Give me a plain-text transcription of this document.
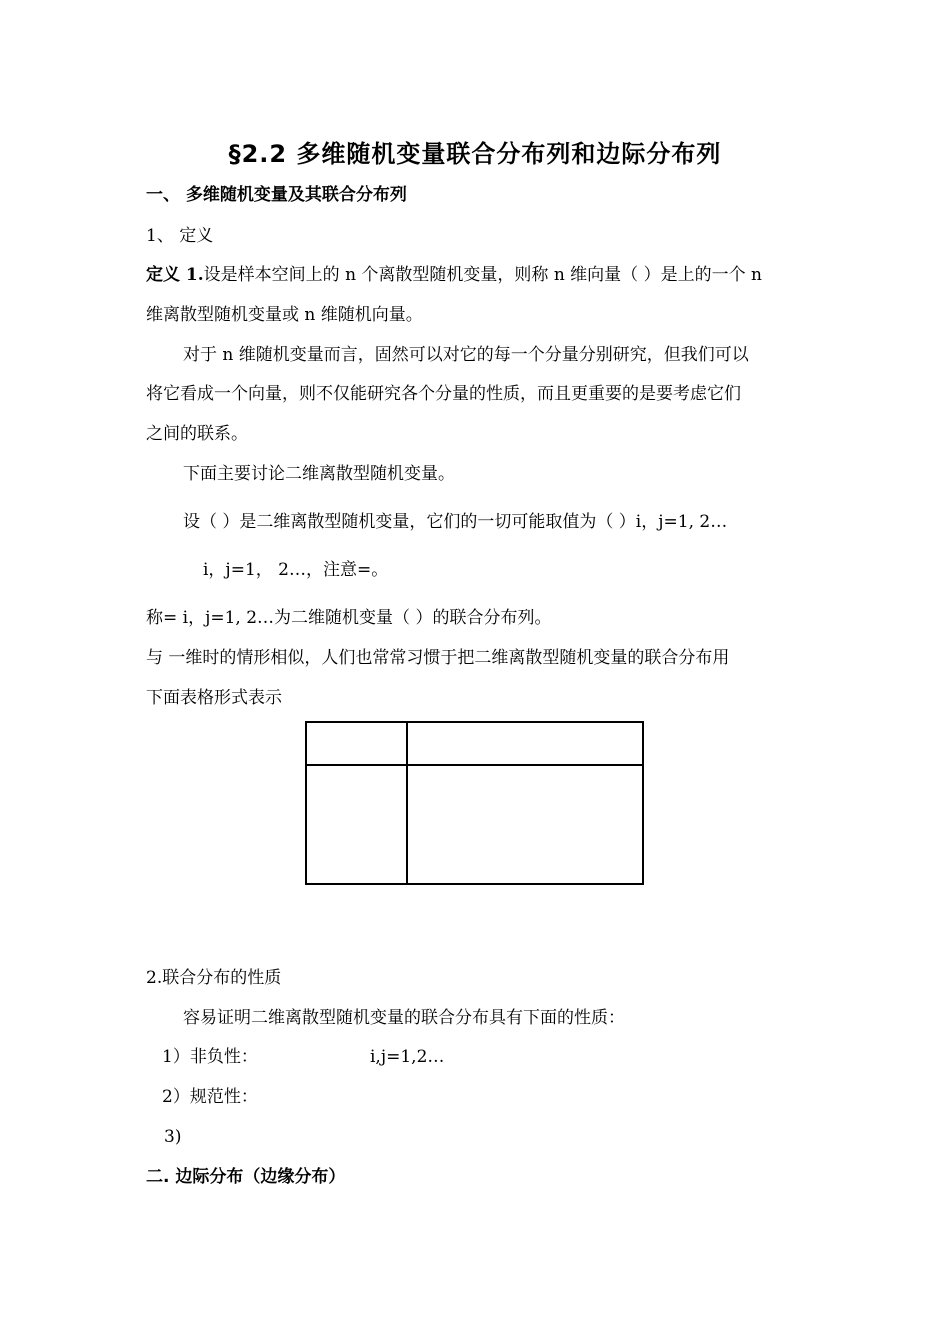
§2.2 多维随机变量联合分布列和边际分布列
一、 多维随机变量及其联合分布列
1、 定义
定义 1.设是样本空间上的 n 个离散型随机变量，则称 n 维向量（ ）是上的一个 n
维离散型随机变量或 n 维随机向量。
对于 n 维随机变量而言，固然可以对它的每一个分量分别研究，但我们可以
将它看成一个向量，则不仅能研究各个分量的性质，而且更重要的是要考虑它们
之间的联系。
下面主要讨论二维离散型随机变量。
设（ ）是二维离散型随机变量，它们的一切可能取值为（ ）i，j=1, 2…
i，j=1， 2…，注意=。
称= i，j=1, 2…为二维随机变量（ ）的联合分布列。
与 一维时的情形相似，人们也常常习惯于把二维离散型随机变量的联合分布用
下面表格形式表示
2.联合分布的性质
容易证明二维离散型随机变量的联合分布具有下面的性质：
1）非负性：	i,j=1,2…
2）规范性：
3)
二. 边际分布（边缘分布）
